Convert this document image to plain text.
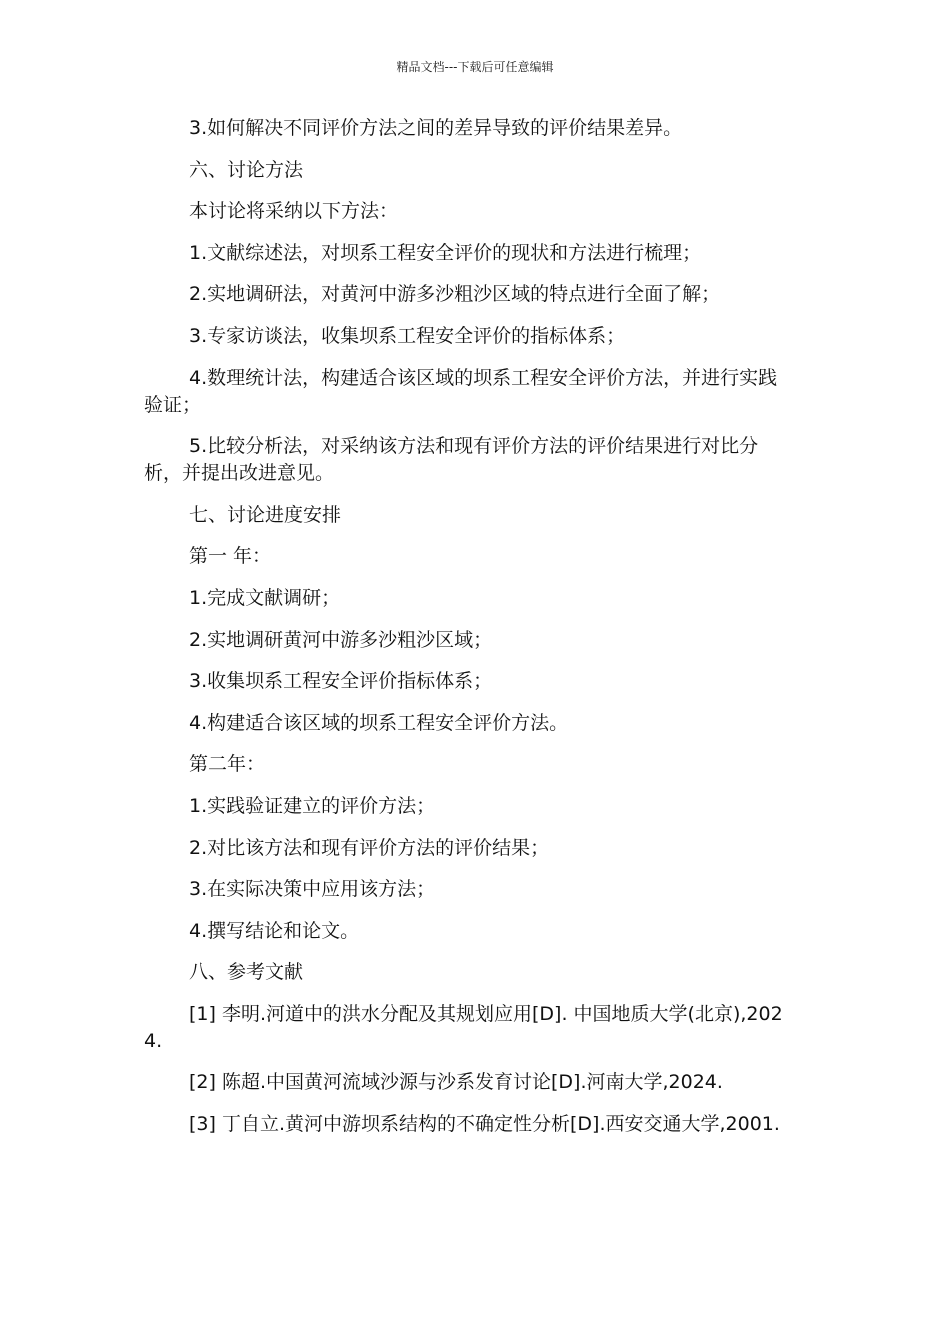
精品文档---下载后可任意编辑

3.如何解决不同评价方法之间的差异导致的评价结果差异。

六、讨论方法

本讨论将采纳以下方法：

1.文献综述法，对坝系工程安全评价的现状和方法进行梳理；

2.实地调研法，对黄河中游多沙粗沙区域的特点进行全面了解；

3.专家访谈法，收集坝系工程安全评价的指标体系；

4.数理统计法，构建适合该区域的坝系工程安全评价方法，并进行实践验证；

5.比较分析法，对采纳该方法和现有评价方法的评价结果进行对比分析，并提出改进意见。

七、讨论进度安排

第一 年：

1.完成文献调研；

2.实地调研黄河中游多沙粗沙区域；

3.收集坝系工程安全评价指标体系；

4.构建适合该区域的坝系工程安全评价方法。

第二年：

1.实践验证建立的评价方法；

2.对比该方法和现有评价方法的评价结果；

3.在实际决策中应用该方法；

4.撰写结论和论文。

八、参考文献

[1] 李明.河道中的洪水分配及其规划应用[D]. 中国地质大学(北京),2024.

[2] 陈超.中国黄河流域沙源与沙系发育讨论[D].河南大学,2024.

[3] 丁自立.黄河中游坝系结构的不确定性分析[D].西安交通大学,2001.
